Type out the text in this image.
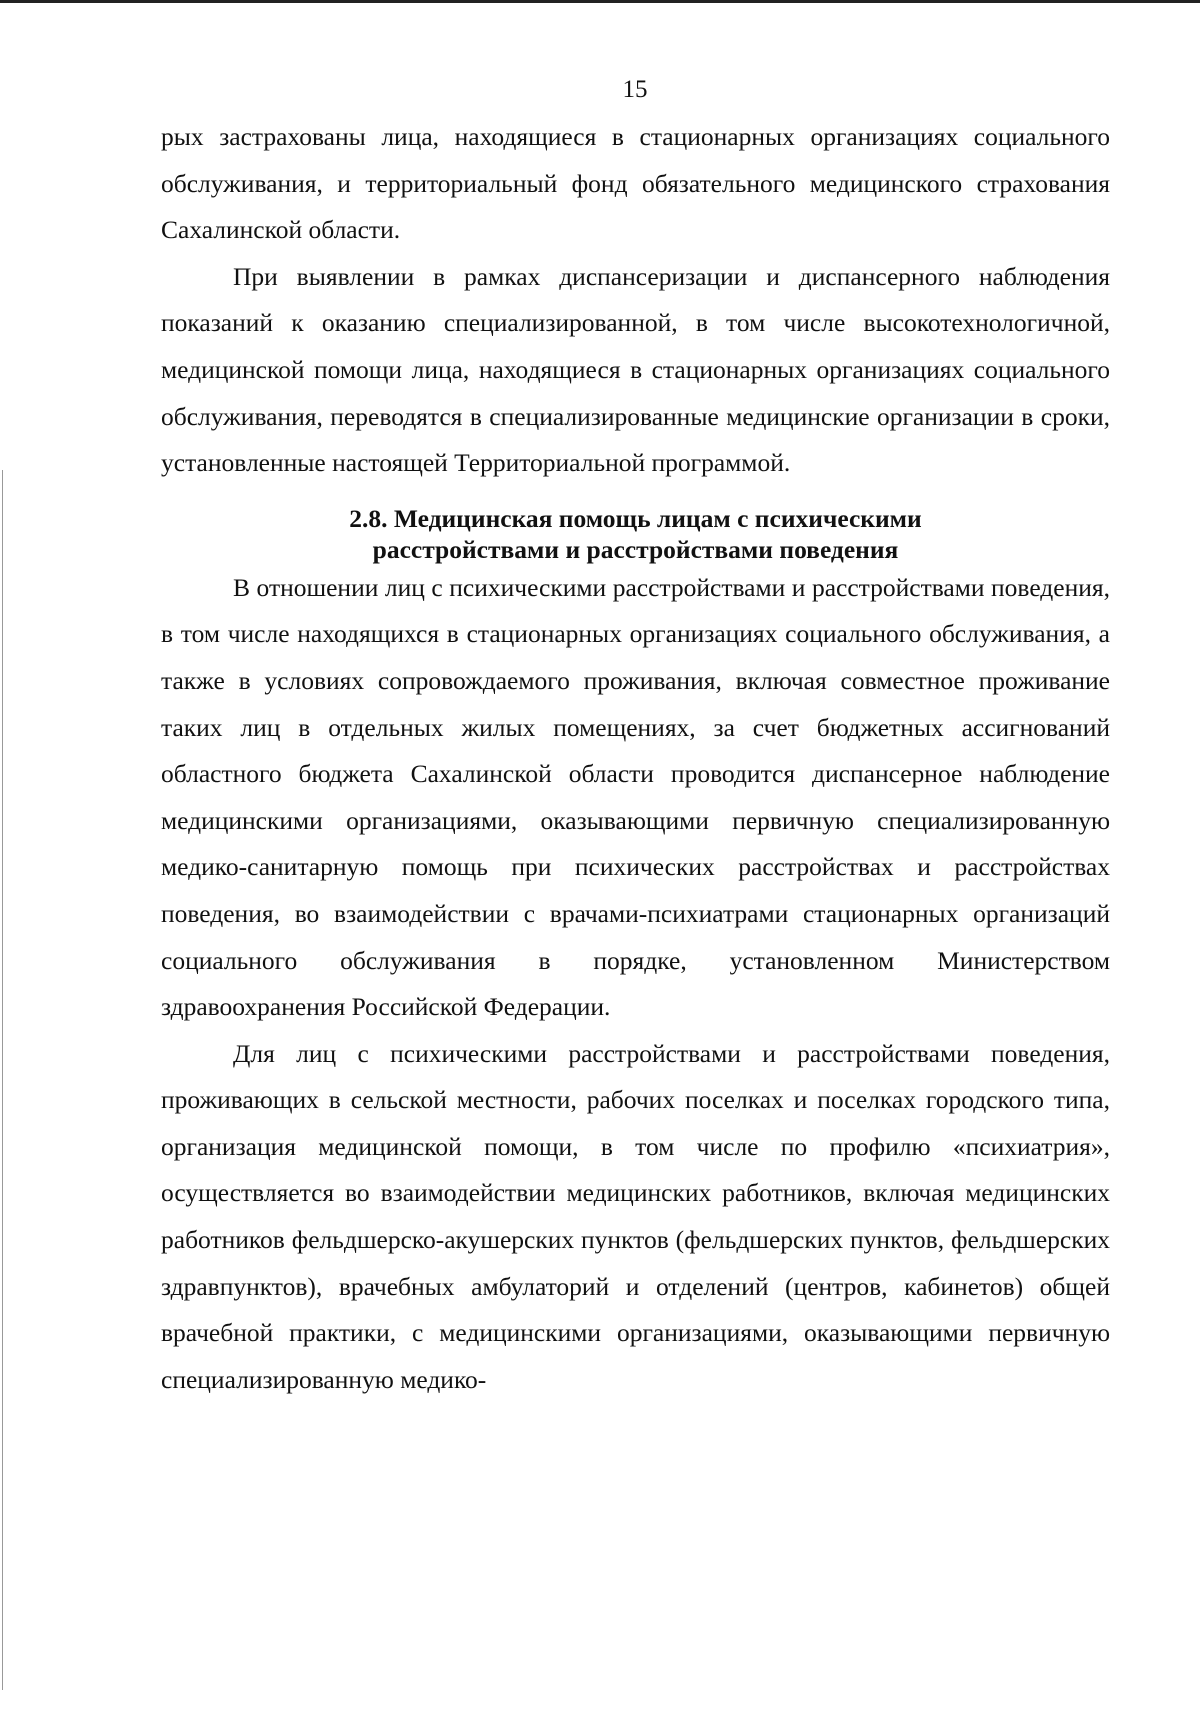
15

рых застрахованы лица, находящиеся в стационарных организациях социального обслуживания, и территориальный фонд обязательного медицинского страхования Сахалинской области.

При выявлении в рамках диспансеризации и диспансерного наблюдения показаний к оказанию специализированной, в том числе высокотехнологичной, медицинской помощи лица, находящиеся в стационарных организациях социального обслуживания, переводятся в специализированные медицинские организации в сроки, установленные настоящей Территориальной программой.

2.8. Медицинская помощь лицам с психическими
расстройствами и расстройствами поведения

В отношении лиц с психическими расстройствами и расстройствами поведения, в том числе находящихся в стационарных организациях социального обслуживания, а также в условиях сопровождаемого проживания, включая совместное проживание таких лиц в отдельных жилых помещениях, за счет бюджетных ассигнований областного бюджета Сахалинской области проводится диспансерное наблюдение медицинскими организациями, оказывающими первичную специализированную медико-санитарную помощь при психических расстройствах и расстройствах поведения, во взаимодействии с врачами-психиатрами стационарных организаций социального обслуживания в порядке, установленном Министерством здравоохранения Российской Федерации.

Для лиц с психическими расстройствами и расстройствами поведения, проживающих в сельской местности, рабочих поселках и поселках городского типа, организация медицинской помощи, в том числе по профилю «психиатрия», осуществляется во взаимодействии медицинских работников, включая медицинских работников фельдшерско-акушерских пунктов (фельдшерских пунктов, фельдшерских здравпунктов), врачебных амбулаторий и отделений (центров, кабинетов) общей врачебной практики, с медицинскими организациями, оказывающими первичную специализированную медико-
